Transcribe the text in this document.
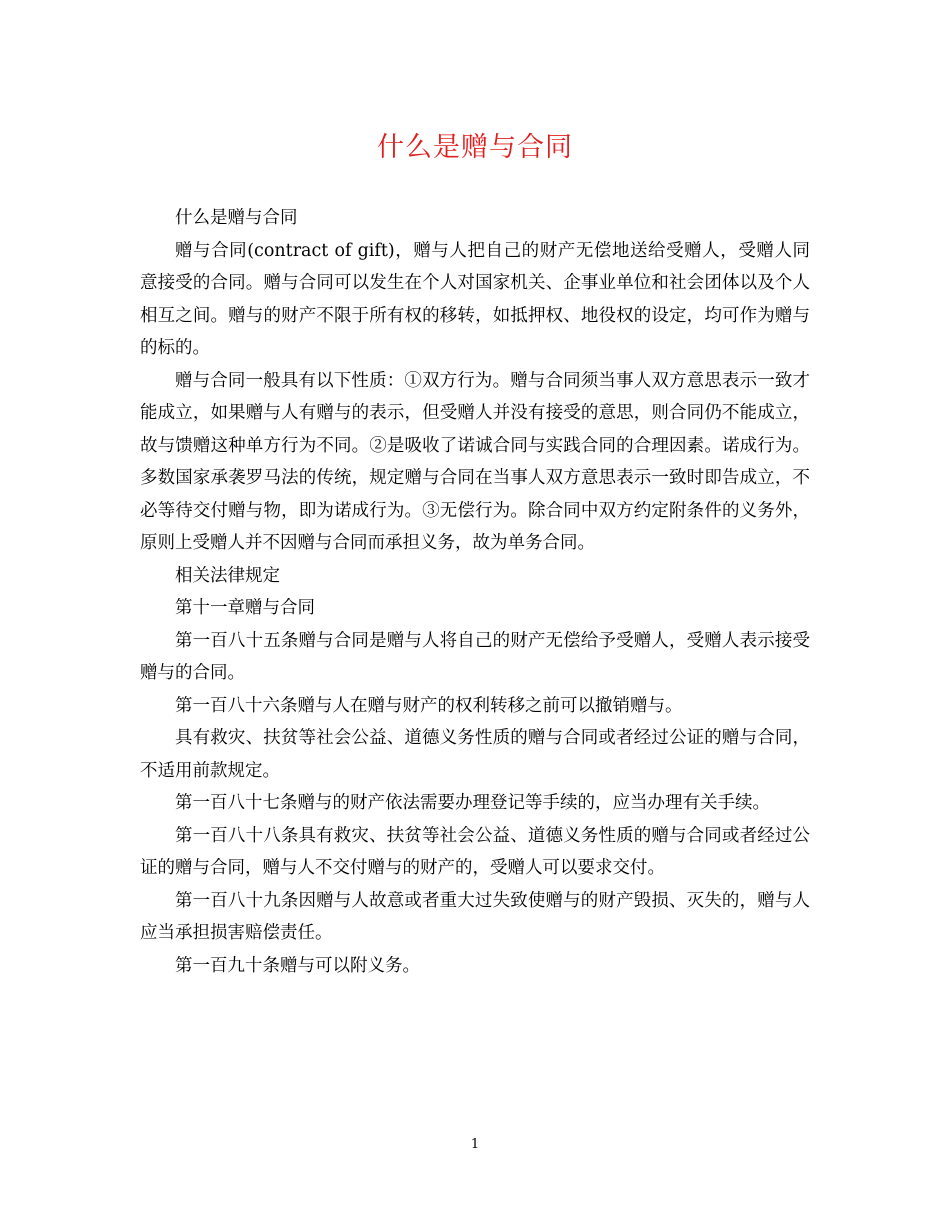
什么是赠与合同

什么是赠与合同

赠与合同(contract of gift)，赠与人把自己的财产无偿地送给受赠人，受赠人同意接受的合同。赠与合同可以发生在个人对国家机关、企事业单位和社会团体以及个人相互之间。赠与的财产不限于所有权的移转，如抵押权、地役权的设定，均可作为赠与的标的。

赠与合同一般具有以下性质：①双方行为。赠与合同须当事人双方意思表示一致才能成立，如果赠与人有赠与的表示，但受赠人并没有接受的意思，则合同仍不能成立，故与馈赠这种单方行为不同。②是吸收了诺诚合同与实践合同的合理因素。诺成行为。多数国家承袭罗马法的传统，规定赠与合同在当事人双方意思表示一致时即告成立，不必等待交付赠与物，即为诺成行为。③无偿行为。除合同中双方约定附条件的义务外，原则上受赠人并不因赠与合同而承担义务，故为单务合同。

相关法律规定

第十一章赠与合同

第一百八十五条赠与合同是赠与人将自己的财产无偿给予受赠人，受赠人表示接受赠与的合同。

第一百八十六条赠与人在赠与财产的权利转移之前可以撤销赠与。

具有救灾、扶贫等社会公益、道德义务性质的赠与合同或者经过公证的赠与合同，不适用前款规定。

第一百八十七条赠与的财产依法需要办理登记等手续的，应当办理有关手续。

第一百八十八条具有救灾、扶贫等社会公益、道德义务性质的赠与合同或者经过公证的赠与合同，赠与人不交付赠与的财产的，受赠人可以要求交付。

第一百八十九条因赠与人故意或者重大过失致使赠与的财产毁损、灭失的，赠与人应当承担损害赔偿责任。

第一百九十条赠与可以附义务。

1
